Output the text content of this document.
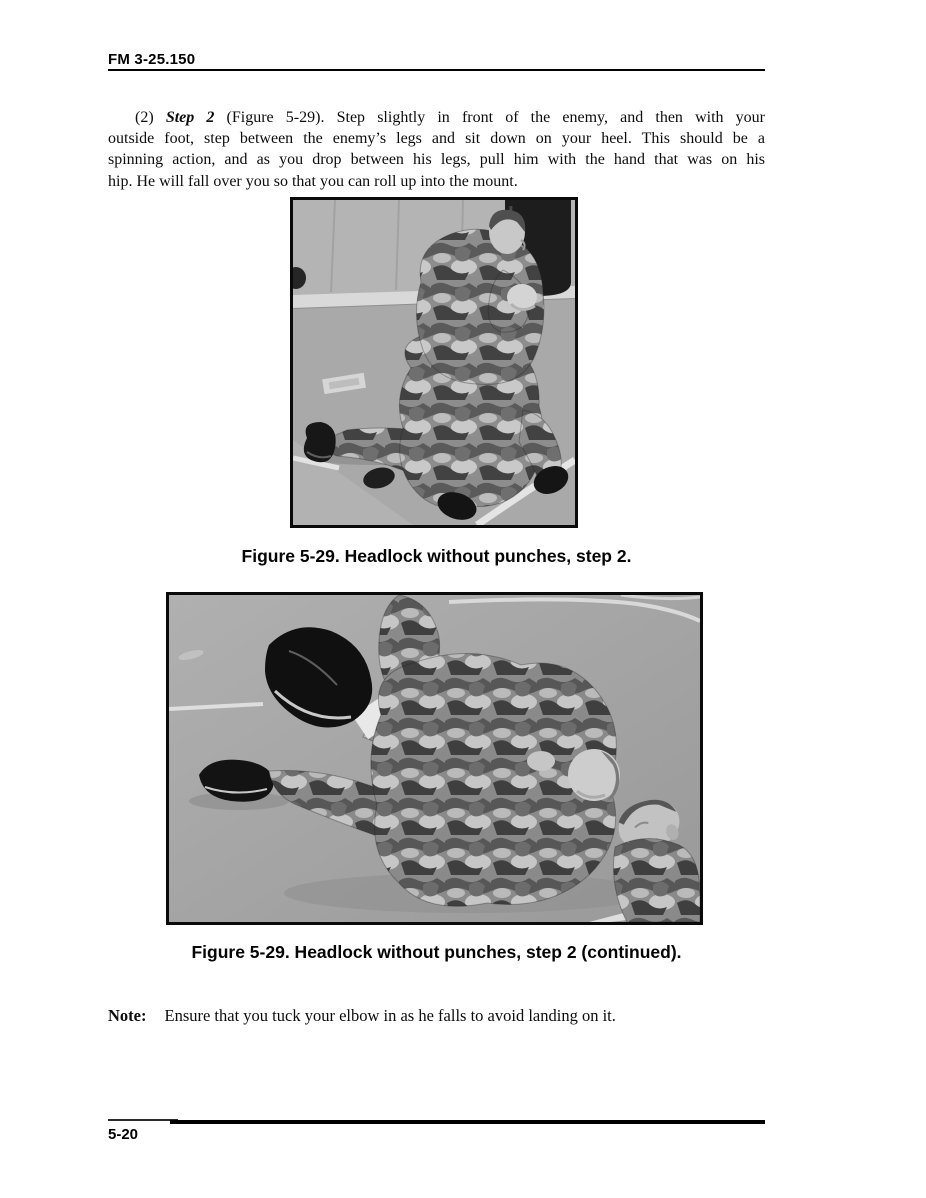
FM 3-25.150
(2) Step 2 (Figure 5-29). Step slightly in front of the enemy, and then with your
outside foot, step between the enemy’s legs and sit down on your heel. This should be a
spinning action, and as you drop between his legs, pull him with the hand that was on his
hip. He will fall over you so that you can roll up into the mount.
Figure 5-29. Headlock without punches, step 2.
Figure 5-29. Headlock without punches, step 2 (continued).
Note: Ensure that you tuck your elbow in as he falls to avoid landing on it.
5-20
